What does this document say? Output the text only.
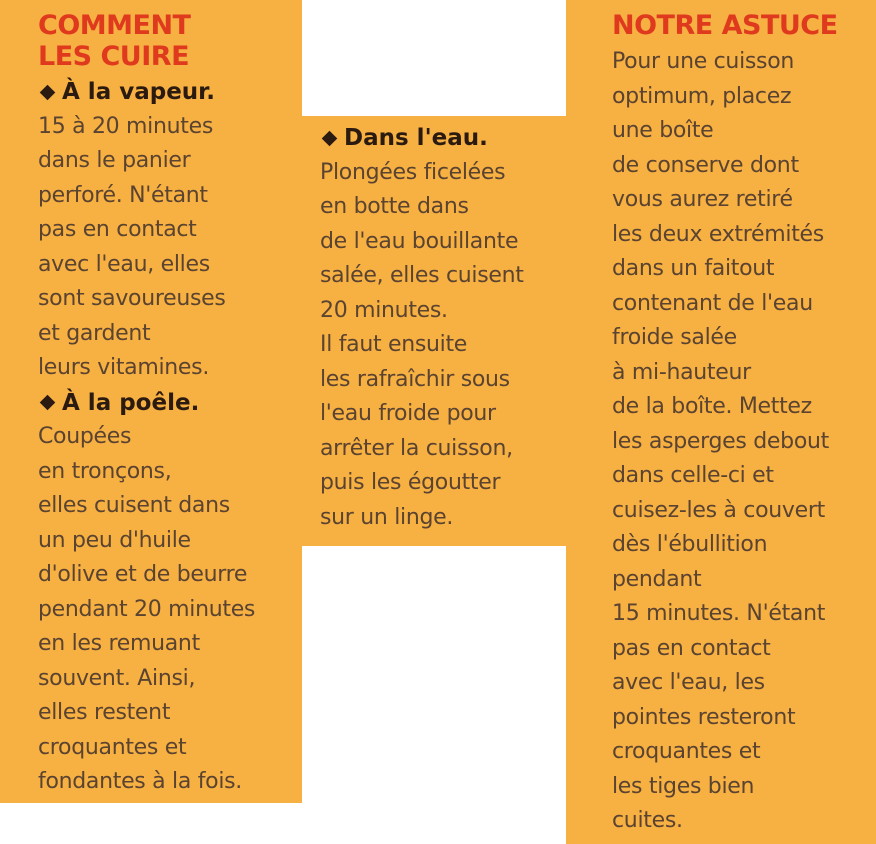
COMMENT
LES CUIRE
À la vapeur.

15 à 20 minutes
dans le panier
perforé. N'étant
pas en contact
avec l'eau, elles
sont savoureuses
et gardent
leurs vitamines.

À la poêle.

Coupées
en tronçons,
elles cuisent dans
un peu d'huile
d'olive et de beurre
pendant 20 minutes
en les remuant
souvent. Ainsi,
elles restent
croquantes et
fondantes à la fois.

Dans l'eau.

Plongées ficelées
en botte dans
de l'eau bouillante
salée, elles cuisent
20 minutes.
Il faut ensuite
les rafraîchir sous
l'eau froide pour
arrêter la cuisson,
puis les égoutter
sur un linge.

NOTRE ASTUCE

Pour une cuisson
optimum, placez
une boîte
de conserve dont
vous aurez retiré
les deux extrémités
dans un faitout
contenant de l'eau
froide salée
à mi-hauteur
de la boîte. Mettez
les asperges debout
dans celle-ci et
cuisez-les à couvert
dès l'ébullition
pendant
15 minutes. N'étant
pas en contact
avec l'eau, les
pointes resteront
croquantes et
les tiges bien
cuites.
